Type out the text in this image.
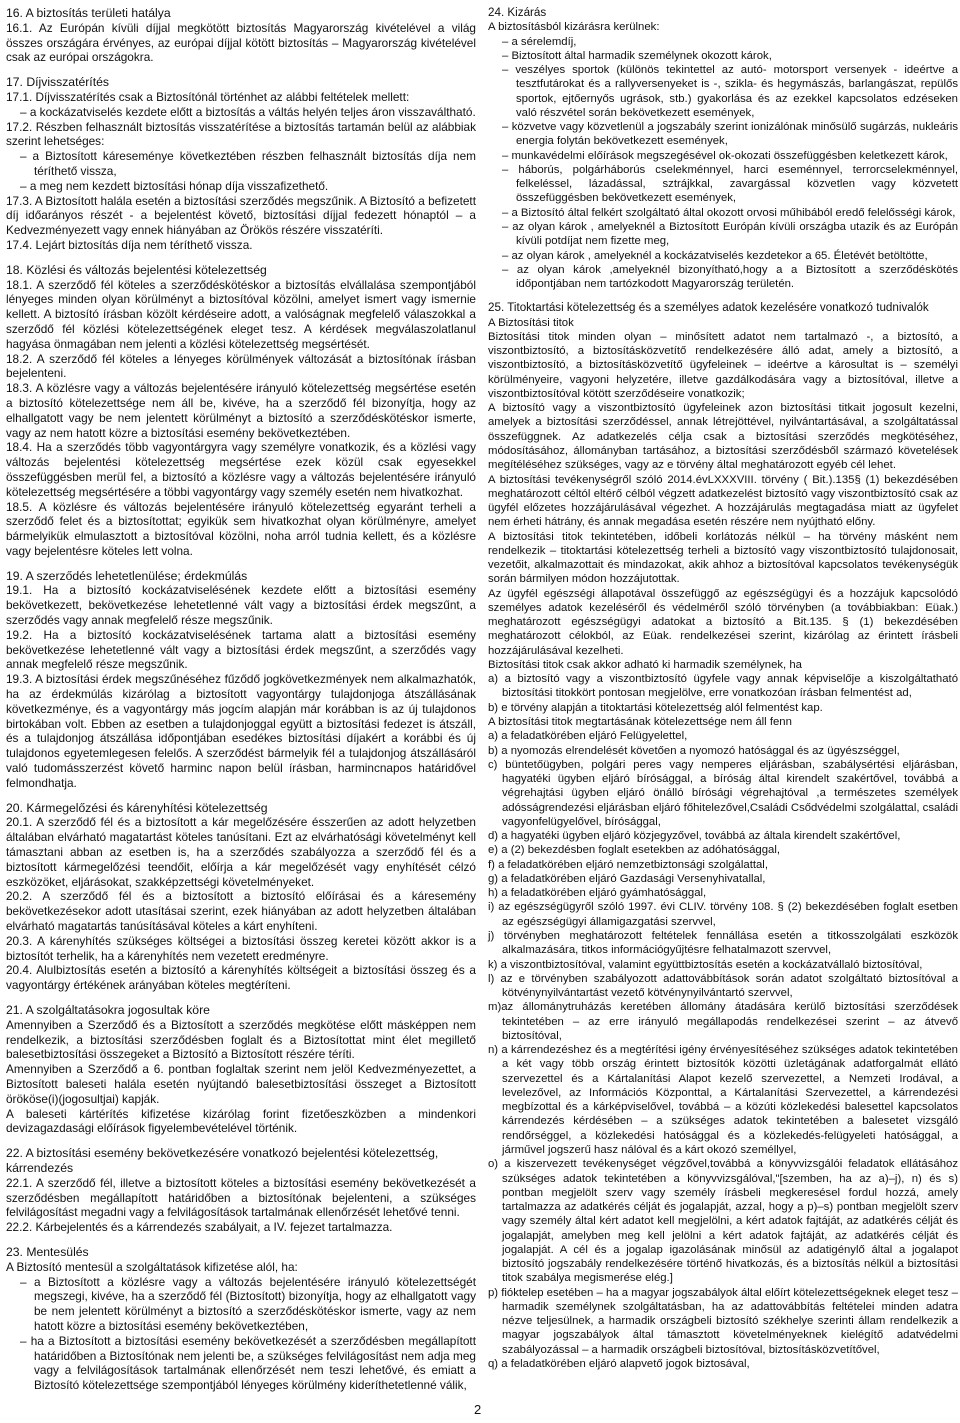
16. A biztosítás területi hatálya

16.1. Az Európán kívüli díjjal megkötött biztosítás Magyarország kivételével a világ összes országára érvényes, az európai díjjal kötött biztosítás – Magyarország kivételével csak az európai országokra.

17. Díjvisszatérítés

17.1. Díjvisszatérítés csak a Biztosítónál történhet az alábbi feltételek mellett:

– a kockázatviselés kezdete előtt a biztosítás a váltás helyén teljes áron visszaváltható.

17.2. Részben felhasznált biztosítás visszatérítése a biztosítás tartamán belül az alábbiak szerint lehetséges:

– a Biztosított káreseménye következtében részben felhasznált biztosítás díja nem téríthető vissza,

– a meg nem kezdett biztosítási hónap díja visszafizethető.

17.3. A Biztosított halála esetén a biztosítási szerződés megszűnik. A Biztosító a befizetett díj időarányos részét - a bejelentést követő, biztosítási díjjal fedezett hónaptól – a Kedvezményezett vagy ennek hiányában az Örökös részére visszatéríti.

17.4. Lejárt biztosítás díja nem téríthető vissza.

18. Közlési és változás bejelentési kötelezettség

18.1. A szerződő fél köteles a szerződéskötéskor a biztosítás elvállalása szempontjából lényeges minden olyan körülményt a biztosítóval közölni, amelyet ismert vagy ismernie kellett. A biztosító írásban közölt kérdéseire adott, a valóságnak megfelelő válaszokkal a szerződő fél közlési kötelezettségének eleget tesz. A kérdések megválaszolatlanul hagyása önmagában nem jelenti a közlési kötelezettség megsértését.

18.2. A szerződő fél köteles a lényeges körülmények változását a biztosítónak írásban bejelenteni.

18.3. A közlésre vagy a változás bejelentésére irányuló kötelezettség megsértése esetén a biztosító kötelezettsége nem áll be, kivéve, ha a szerződő fél bizonyítja, hogy az elhallgatott vagy be nem jelentett körülményt a biztosító a szerződéskötéskor ismerte, vagy az nem hatott közre a biztosítási esemény bekövetkeztében.

18.4. Ha a szerződés több vagyontárgyra vagy személyre vonatkozik, és a közlési vagy változás bejelentési kötelezettség megsértése ezek közül csak egyesekkel összefüggésben merül fel, a biztosító a közlésre vagy a változás bejelentésére irányuló kötelezettség megsértésére a többi vagyontárgy vagy személy esetén nem hivatkozhat.

18.5. A közlésre és változás bejelentésére irányuló kötelezettség egyaránt terheli a szerződő felet és a biztosítottat; egyikük sem hivatkozhat olyan körülményre, amelyet bármelyikük elmulasztott a biztosítóval közölni, noha arról tudnia kellett, és a közlésre vagy bejelentésre köteles lett volna.

19. A szerződés lehetetlenülése; érdekmúlás

19.1. Ha a biztosító kockázatviselésének kezdete előtt a biztosítási esemény bekövetkezett, bekövetkezése lehetetlenné vált vagy a biztosítási érdek megszűnt, a szerződés vagy annak megfelelő része megszűnik.

19.2. Ha a biztosító kockázatviselésének tartama alatt a biztosítási esemény bekövetkezése lehetetlenné vált vagy a biztosítási érdek megszűnt, a szerződés vagy annak megfelelő része megszűnik.

19.3. A biztosítási érdek megszűnéséhez fűződő jogkövetkezmények nem alkalmazhatók, ha az érdekmúlás kizárólag a biztosított vagyontárgy tulajdonjoga átszállásának következménye, és a vagyontárgy más jogcím alapján már korábban is az új tulajdonos birtokában volt. Ebben az esetben a tulajdonjoggal együtt a biztosítási fedezet is átszáll, és a tulajdonjog átszállása időpontjában esedékes biztosítási díjakért a korábbi és új tulajdonos egyetemlegesen felelős. A szerződést bármelyik fél a tulajdonjog átszállásáról való tudomásszerzést követő harminc napon belül írásban, harmincnapos határidővel felmondhatja.

20. Kármegelőzési és kárenyhítési kötelezettség

20.1. A szerződő fél és a biztosított a kár megelőzésére ésszerűen az adott helyzetben általában elvárható magatartást köteles tanúsítani. Ezt az elvárhatósági követelményt kell támasztani abban az esetben is, ha a szerződés szabályozza a szerződő fél és a biztosított kármegelőzési teendőit, előírja a kár megelőzését vagy enyhítését célzó eszközöket, eljárásokat, szakképzettségi követelményeket.

20.2. A szerződő fél és a biztosított a biztosító előírásai és a káresemény bekövetkezésekor adott utasításai szerint, ezek hiányában az adott helyzetben általában elvárható magatartás tanúsításával köteles a kárt enyhíteni.

20.3. A kárenyhítés szükséges költségei a biztosítási összeg keretei között akkor is a biztosítót terhelik, ha a kárenyhítés nem vezetett eredményre.

20.4. Alulbiztosítás esetén a biztosító a kárenyhítés költségeit a biztosítási összeg és a vagyontárgy értékének arányában köteles megtéríteni.

21. A szolgáltatásokra jogosultak köre

Amennyiben a Szerződő és a Biztosított a szerződés megkötése előtt másképpen nem rendelkezik, a biztosítási szerződésben foglalt és a Biztosítottat mint élet megillető balesetbiztosítási összegeket a Biztosító a Biztosított részére téríti.

Amennyiben a Szerződő a 6. pontban foglaltak szerint nem jelöl Kedvezményezettet, a Biztosított baleseti halála esetén nyújtandó balesetbiztosítási összeget a Biztosított örököse(i)(jogosultjai) kapják.

A baleseti kártérítés kifizetése kizárólag forint fizetőeszközben a mindenkori devizagazdasági előírások figyelembevételével történik.

22. A biztosítási esemény bekövetkezésére vonatkozó bejelentési kötelezettség, kárrendezés

22.1. A szerződő fél, illetve a biztosított köteles a biztosítási esemény bekövetkezését a szerződésben megállapított határidőben a biztosítónak bejelenteni, a szükséges felvilágosítást megadni vagy a felvilágosítások tartalmának ellenőrzését lehetővé tenni.

22.2. Kárbejelentés és a kárrendezés szabályait, a IV. fejezet tartalmazza.

23. Mentesülés

A Biztosító mentesül a szolgáltatások kifizetése alól, ha:

– a Biztosított a közlésre vagy a változás bejelentésére irányuló kötelezettségét megszegi, kivéve, ha a szerződő fél (Biztosított) bizonyítja, hogy az elhallgatott vagy be nem jelentett körülményt a biztosító a szerződéskötéskor ismerte, vagy az nem hatott közre a biztosítási esemény bekövetkeztében,

– ha a Biztosított a biztosítási esemény bekövetkezését a szerződésben megállapított határidőben a Biztosítónak nem jelenti be, a szükséges felvilágosítást nem adja meg vagy a felvilágosítások tartalmának ellenőrzését nem teszi lehetővé, és emiatt a Biztosító kötelezettsége szempontjából lényeges körülmény kideríthetetlenné válik,

24. Kizárás

A biztosításból kizárásra kerülnek:

– a sérelemdíj,

– Biztosított által harmadik személynek okozott károk,

– veszélyes sportok (különös tekintettel az autó- motorsport versenyek - ideértve a tesztfutárokat és a rallyversenyeket is -, szikla- és hegymászás, barlangászat, repülős sportok, ejtőernyős ugrások, stb.) gyakorlása és az ezekkel kapcsolatos edzéseken való részvétel során bekövetkezett események,

– közvetve vagy közvetlenül a jogszabály szerint ionizálónak minősülő sugárzás, nukleáris energia folytán bekövetkezett események,

– munkavédelmi előírások megszegésével ok-okozati összefüggésben keletkezett károk,

– háborús, polgárháborús cselekménnyel, harci eseménnyel, terrorcselekménnyel, felkeléssel, lázadással, sztrájkkal, zavargással közvetlen vagy közvetett összefüggésben bekövetkezett események,

– a Biztosító által felkért szolgáltató által okozott orvosi műhibából eredő felelősségi károk,

– az olyan károk , amelyeknél a Biztosított Európán kívüli országba utazik és az Európán kívüli potdíjat nem fizette meg,

– az olyan károk , amelyeknél a kockázatviselés kezdetekor a 65. Életévét betöltötte,

– az olyan károk ,amelyeknél bizonyítható,hogy a a Biztosított a szerződéskötés időpontjában nem tartózkodott Magyarország területén.

25. Titoktartási kötelezettség és a személyes adatok kezelésére vonatkozó tudnivalók

A Biztosítási titok

Biztosítási titok minden olyan – minősített adatot nem tartalmazó -, a biztosító, a viszontbiztosító, a biztosításközvetítő rendelkezésére álló adat, amely a biztosító, a viszontbiztosító, a biztosításközvetítő ügyfeleinek – ideértve a károsultat is – személyi körülményeire, vagyoni helyzetére, illetve gazdálkodására vagy a biztosítóval, illetve a viszontbiztosítóval kötött szerződéseire vonatkozik;

A biztosító vagy a viszontbiztosító ügyfeleinek azon biztosítási titkait jogosult kezelni, amelyek a biztosítási szerződéssel, annak létrejöttével, nyilvántartásával, a szolgáltatással összefüggnek. Az adatkezelés célja csak a biztosítási szerződés megkötéséhez, módosításához, állományban tartásához, a biztosítási szerződésből származó követelések megítéléséhez szükséges, vagy az e törvény által meghatározott egyéb cél lehet.

A biztosítási tevékenységről szóló 2014.évLXXXVIII. törvény ( Bit.).135§ (1) bekezdésében meghatározott céltól eltérő célból végzett adatkezelést biztosító vagy viszontbiztosító csak az ügyfél előzetes hozzájárulásával végezhet. A hozzájárulás megtagadása miatt az ügyfelet nem érheti hátrány, és annak megadása esetén részére nem nyújtható előny.

A biztosítási titok tekintetében, időbeli korlátozás nélkül – ha törvény másként nem rendelkezik – titoktartási kötelezettség terheli a biztosító vagy viszontbiztosító tulajdonosait, vezetőit, alkalmazottait és mindazokat, akik ahhoz a biztosítóval kapcsolatos tevékenységük során bármilyen módon hozzájutottak.

Az ügyfél egészségi állapotával összefüggő az egészségügyi és a hozzájuk kapcsolódó személyes adatok kezeléséről és védelméről szóló törvényben (a továbbiakban: Eüak.) meghatározott egészségügyi adatokat a biztosító a Bit.135. § (1) bekezdésében meghatározott célokból, az Eüak. rendelkezései szerint, kizárólag az érintett írásbeli hozzájárulásával kezelheti.

Biztosítási titok csak akkor adható ki harmadik személynek, ha

a) a biztosító vagy a viszontbiztosító ügyfele vagy annak képviselője a kiszolgáltatható biztosítási titokkört pontosan megjelölve, erre vonatkozóan írásban felmentést ad,

b) e törvény alapján a titoktartási kötelezettség alól felmentést kap.

A biztosítási titok megtartásának kötelezettsége nem áll fenn

a) a feladatkörében eljáró Felügyelettel,

b) a nyomozás elrendelését követően a nyomozó hatósággal és az ügyészséggel,

c) büntetőügyben, polgári peres vagy nemperes eljárásban, szabálysértési eljárásban, hagyatéki ügyben eljáró bírósággal, a bíróság által kirendelt szakértővel, továbbá a végrehajtási ügyben eljáró önálló bírósági végrehajtóval ,a természetes személyek adósságrendezési eljárásban eljáró főhitelezővel,Családi Csődvédelmi szolgálattal, családi vagyonfelügyelővel, bírósággal,

d) a hagyatéki ügyben eljáró közjegyzővel, továbbá az általa kirendelt szakértővel,

e) a (2) bekezdésben foglalt esetekben az adóhatósággal,

f) a feladatkörében eljáró nemzetbiztonsági szolgálattal,

g) a feladatkörében eljáró Gazdasági Versenyhivatallal,

h) a feladatkörében eljáró gyámhatósággal,

i) az egészségügyről szóló 1997. évi CLIV. törvény 108. § (2) bekezdésében foglalt esetben az egészségügyi államigazgatási szervvel,

j) törvényben meghatározott feltételek fennállása esetén a titkosszolgálati eszközök alkalmazására, titkos információgyűjtésre felhatalmazott szervvel,

k) a viszontbiztosítóval, valamint együttbiztosítás esetén a kockázatvállaló biztosítóval,

l) az e törvényben szabályozott adattovábbítások során adatot szolgáltató biztosítóval a kötvénynyilvántartást vezető kötvénynyilvántartó szervvel,

m)az állománytruházás keretében állomány átadására kerülő biztosítási szerződések tekintetében – az erre irányuló megállapodás rendelkezései szerint – az átvevő biztosítóval,

n) a kárrendezéshez és a megtérítési igény érvényesítéséhez szükséges adatok tekintetében a két vagy több ország érintett biztosítók közötti üzletágának adatforgalmát ellátó szervezettel és a Kártalanítási Alapot kezelő szervezettel, a Nemzeti Irodával, a levelezővel, az Információs Központtal, a Kártalanítási Szervezettel, a kárrendezési megbízottal és a kárképviselővel, továbbá – a közúti közlekedési balesettel kapcsolatos kárrendezés kérdésében – a szükséges adatok tekintetében a balesetet vizsgáló rendőrséggel, a közlekedési hatósággal és a közlekedés-felügyeleti hatósággal, a járművel jogszerű hasz nálóval és a kárt okozó személlyel,

o) a kiszervezett tevékenységet végzővel,továbbá a könyvvizsgálói feladatok ellátásához szükséges adatok tekintetében a könyvvizsgálóval,"[szemben, ha az a)–j), n) és s) pontban megjelölt szerv vagy személy írásbeli megkeresésel fordul hozzá, amely tartalmazza az adatkérés célját és jogalapját, azzal, hogy a p)–s) pontban megjelölt szerv vagy személy által kért adatot kell megjelölni, a kért adatok fajtáját, az adatkérés célját és jogalapját, amelyben meg kell jelölni a kért adatok fajtáját, az adatkérés célját és jogalapját. A cél és a jogalap igazolásának minősül az adatigénylő által a jogalapot biztosító jogszabály rendelkezésére történő hivatkozás, és a biztosítás nélkül a biztosítási titok szabálya megismerése elég.]

p) fióktelep esetében – ha a magyar jogszabályok által előírt kötelezettségeknek eleget tesz – harmadik személynek szolgáltatásban, ha az adattovábbítás feltételei minden adatra nézve teljesülnek, a harmadik országbeli biztosító székhelye szerinti állam rendelkezik a magyar jogszabályok által támasztott követelményeknek kielégítő adatvédelmi szabályozással – a harmadik országbeli biztosítóval, biztosításközvetítővel,

q) a feladatkörében eljáró alapvető jogok biztosával,

2
